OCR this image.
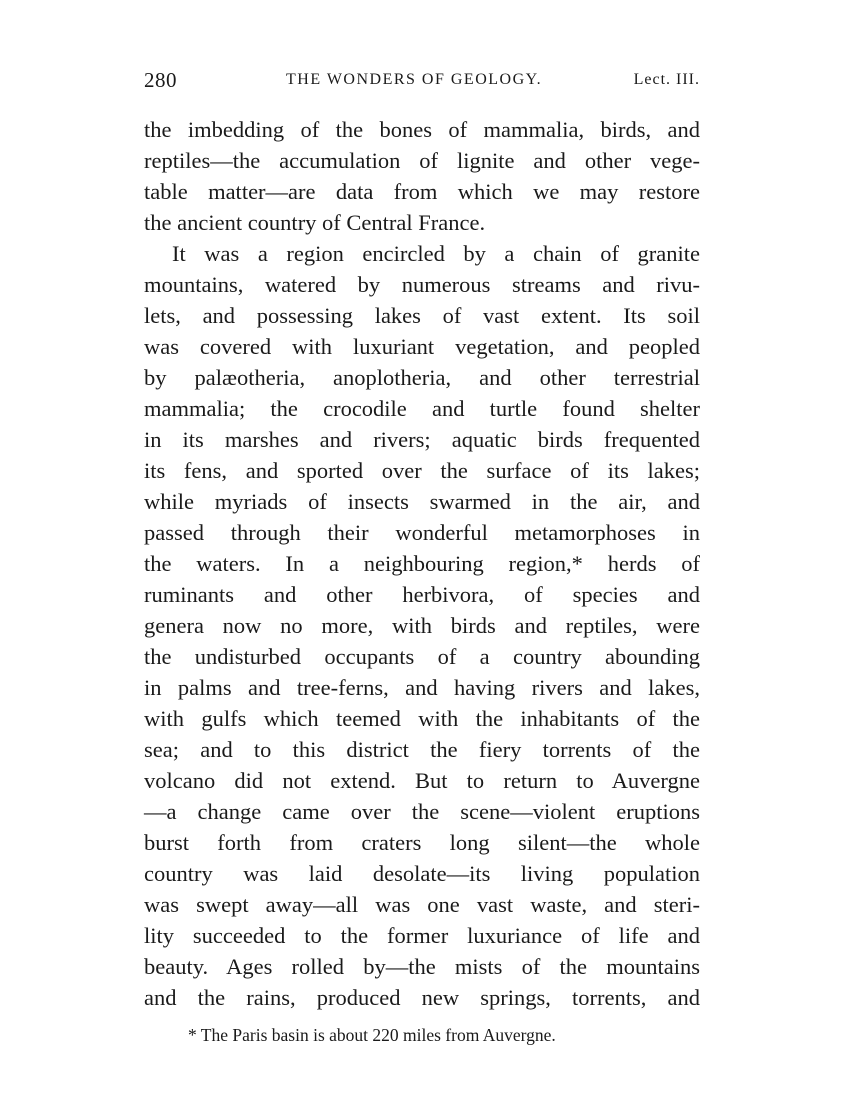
280	THE WONDERS OF GEOLOGY.	Lect. III.
the imbedding of the bones of mammalia, birds, and
reptiles—the accumulation of lignite and other vege-
table matter—are data from which we may restore
the ancient country of Central France.
It was a region encircled by a chain of granite
mountains, watered by numerous streams and rivu-
lets, and possessing lakes of vast extent. Its soil
was covered with luxuriant vegetation, and peopled
by palæotheria, anoplotheria, and other terrestrial
mammalia; the crocodile and turtle found shelter
in its marshes and rivers; aquatic birds frequented
its fens, and sported over the surface of its lakes;
while myriads of insects swarmed in the air, and
passed through their wonderful metamorphoses in
the waters. In a neighbouring region,* herds of
ruminants and other herbivora, of species and
genera now no more, with birds and reptiles, were
the undisturbed occupants of a country abounding
in palms and tree-ferns, and having rivers and lakes,
with gulfs which teemed with the inhabitants of the
sea; and to this district the fiery torrents of the
volcano did not extend. But to return to Auvergne
—a change came over the scene—violent eruptions
burst forth from craters long silent—the whole
country was laid desolate—its living population
was swept away—all was one vast waste, and steri-
lity succeeded to the former luxuriance of life and
beauty. Ages rolled by—the mists of the mountains
and the rains, produced new springs, torrents, and
* The Paris basin is about 220 miles from Auvergne.
